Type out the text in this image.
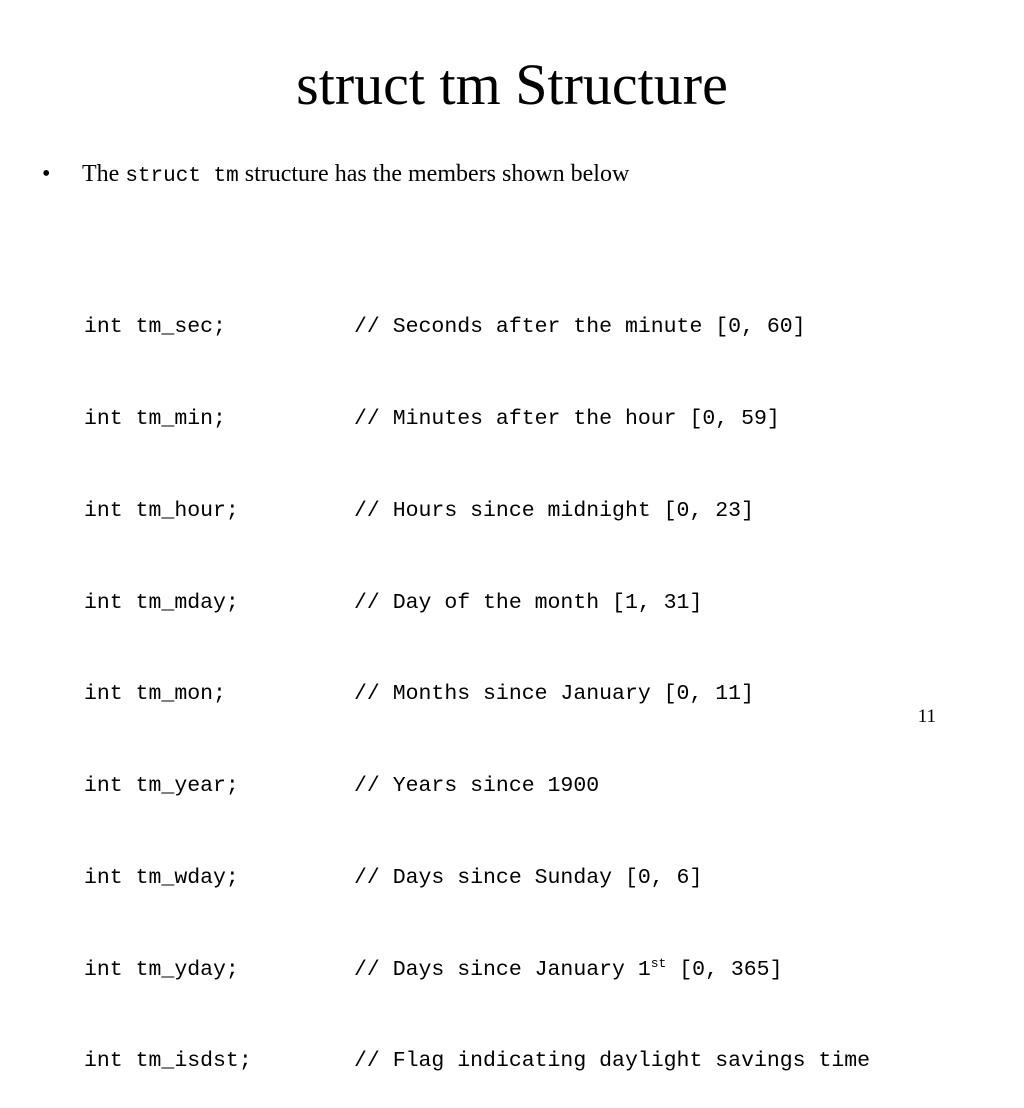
struct tm Structure
• The struct tm structure has the members shown below

int tm_sec;	// Seconds after the minute [0, 60]

int tm_min;	// Minutes after the hour [0, 59]

int tm_hour;	// Hours since midnight [0, 23]

int tm_mday;	// Day of the month [1, 31]

int tm_mon;	// Months since January [0, 11]

int tm_year;	// Years since 1900

int tm_wday;	// Days since Sunday [0, 6]

int tm_yday;	// Days since January 1st [0, 365]

int tm_isdst;	// Flag indicating daylight savings time

11
